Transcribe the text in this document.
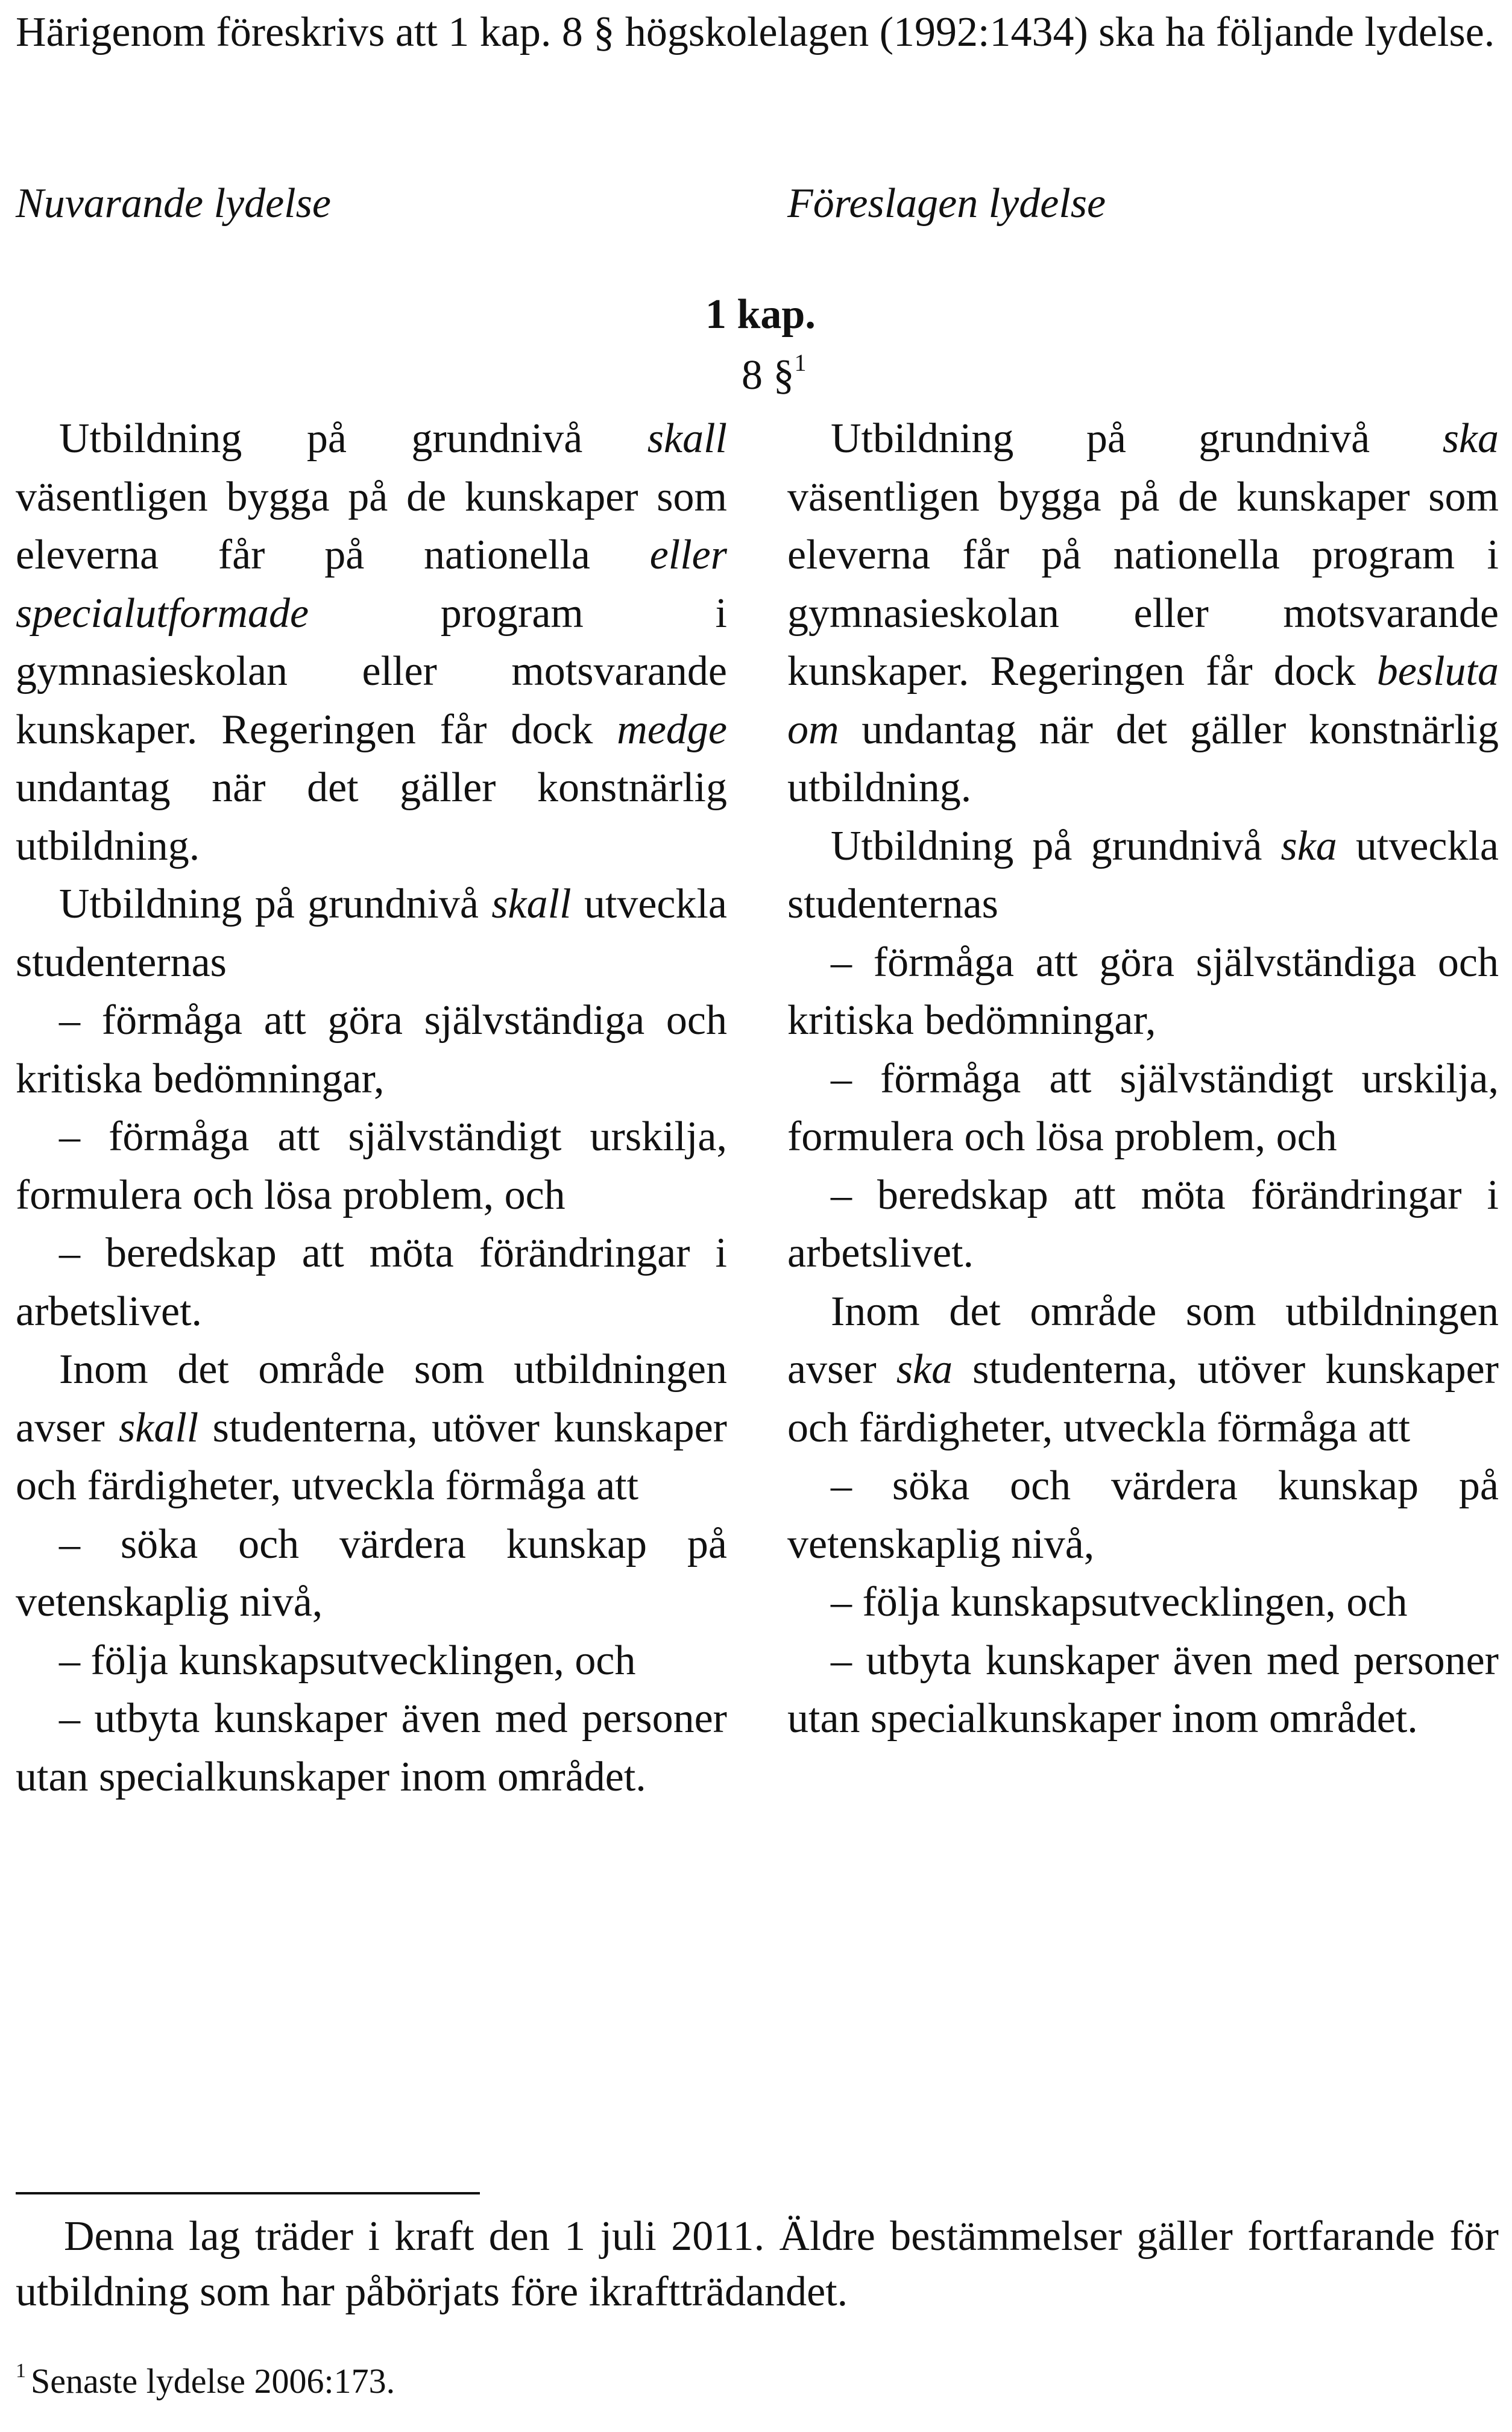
Härigenom föreskrivs att 1 kap. 8 § högskolelagen (1992:1434) ska ha följande lydelse.
Nuvarande lydelse	Föreslagen lydelse
1 kap.
8 §$^1$

Utbildning på grundnivå skall väsentligen bygga på de kunskaper som eleverna får på nationella eller specialutformade program i gymnasieskolan eller motsvarande kunskaper. Regeringen får dock medge undantag när det gäller konstnärlig utbildning.

Utbildning på grundnivå skall utveckla studenternas

– förmåga att göra självständiga och kritiska bedömningar,

– förmåga att självständigt urskilja, formulera och lösa problem, och

– beredskap att möta förändringar i arbetslivet.

Inom det område som utbildningen avser skall studenterna, utöver kunskaper och färdigheter, utveckla förmåga att

– söka och värdera kunskap på vetenskaplig nivå,

– följa kunskapsutvecklingen, och

– utbyta kunskaper även med personer utan specialkunskaper inom området.

Utbildning på grundnivå ska väsentligen bygga på de kunskaper som eleverna får på nationella program i gymnasieskolan eller motsvarande kunskaper. Regeringen får dock besluta om undantag när det gäller konstnärlig utbildning.

Utbildning på grundnivå ska utveckla studenternas

– förmåga att göra självständiga och kritiska bedömningar,

– förmåga att självständigt urskilja, formulera och lösa problem, och

– beredskap att möta förändringar i arbetslivet.

Inom det område som utbildningen avser ska studenterna, utöver kunskaper och färdigheter, utveckla förmåga att

– söka och värdera kunskap på vetenskaplig nivå,

– följa kunskapsutvecklingen, och

– utbyta kunskaper även med personer utan specialkunskaper inom området.

Denna lag träder i kraft den 1 juli 2011. Äldre bestämmelser gäller fortfarande för utbildning som har påbörjats före ikraftträdandet.

$^1$ Senaste lydelse 2006:173.
